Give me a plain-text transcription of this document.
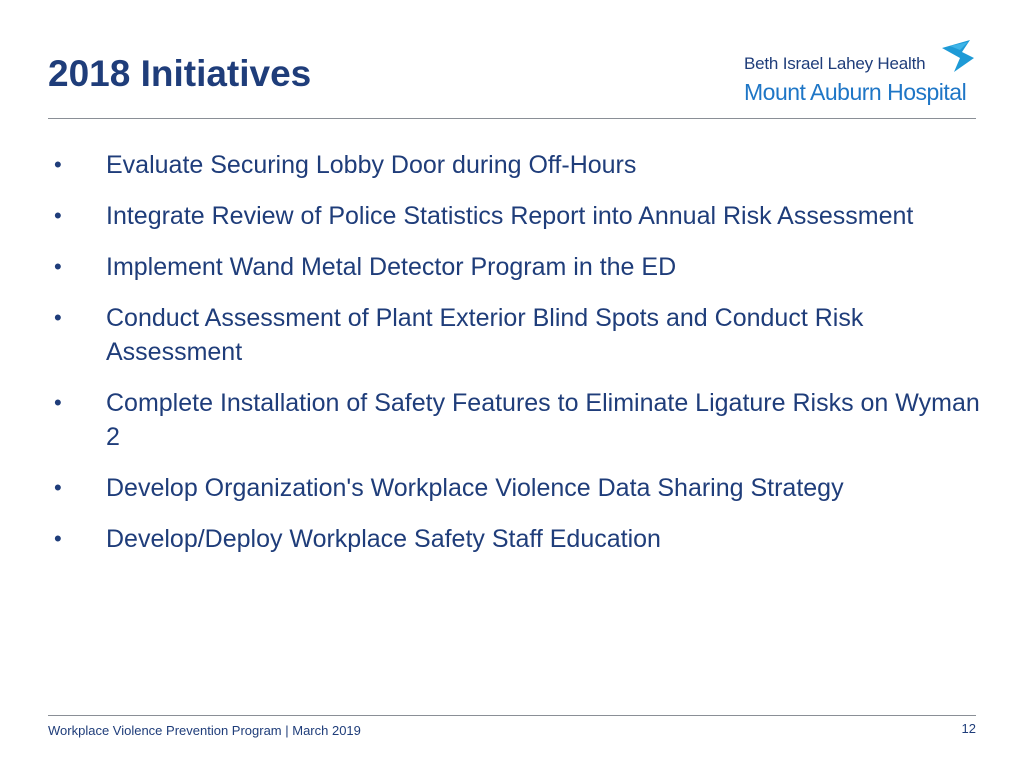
2018 Initiatives	Beth Israel Lahey Health
Mount Auburn Hospital
• Evaluate Securing Lobby Door during Off-Hours
• Integrate Review of Police Statistics Report into Annual Risk Assessment
• Implement Wand Metal Detector Program in the ED
• Conduct Assessment of Plant Exterior Blind Spots and Conduct Risk Assessment
• Complete Installation of Safety Features to Eliminate Ligature Risks on Wyman 2
• Develop Organization's Workplace Violence Data Sharing Strategy
• Develop/Deploy Workplace Safety Staff Education
Workplace Violence Prevention Program | March 2019	12
